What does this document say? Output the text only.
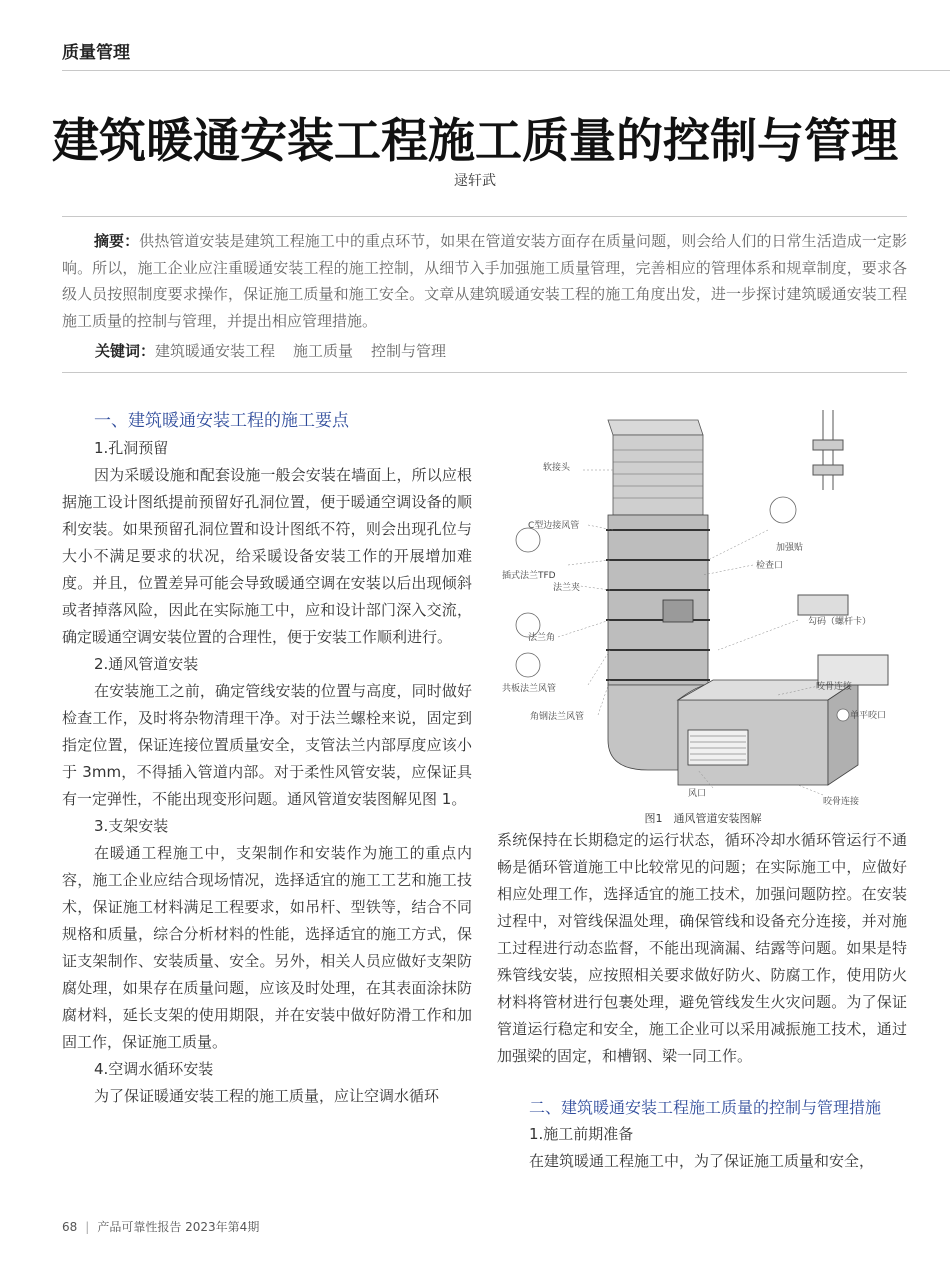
质量管理
建筑暖通安装工程施工质量的控制与管理
逯轩武
摘要：供热管道安装是建筑工程施工中的重点环节，如果在管道安装方面存在质量问题，则会给人们的日常生活造成一定影响。所以，施工企业应注重暖通安装工程的施工控制，从细节入手加强施工质量管理，完善相应的管理体系和规章制度，要求各级人员按照制度要求操作，保证施工质量和施工安全。文章从建筑暖通安装工程的施工角度出发，进一步探讨建筑暖通安装工程施工质量的控制与管理，并提出相应管理措施。
关键词：建筑暖通安装工程 施工质量 控制与管理
一、建筑暖通安装工程的施工要点
1.孔洞预留
因为采暖设施和配套设施一般会安装在墙面上，所以应根据施工设计图纸提前预留好孔洞位置，便于暖通空调设备的顺利安装。如果预留孔洞位置和设计图纸不符，则会出现孔位与大小不满足要求的状况，给采暖设备安装工作的开展增加难度。并且，位置差异可能会导致暖通空调在安装以后出现倾斜或者掉落风险，因此在实际施工中，应和设计部门深入交流，确定暖通空调安装位置的合理性，便于安装工作顺利进行。
2.通风管道安装
在安装施工之前，确定管线安装的位置与高度，同时做好检查工作，及时将杂物清理干净。对于法兰螺栓来说，固定到指定位置，保证连接位置质量安全，支管法兰内部厚度应该小于 3mm，不得插入管道内部。对于柔性风管安装，应保证具有一定弹性，不能出现变形问题。通风管道安装图解见图 1。
3.支架安装
在暖通工程施工中，支架制作和安装作为施工的重点内容，施工企业应结合现场情况，选择适宜的施工工艺和施工技术，保证施工材料满足工程要求，如吊杆、型铁等，结合不同规格和质量，综合分析材料的性能，选择适宜的施工方式，保证支架制作、安装质量、安全。另外，相关人员应做好支架防腐处理，如果存在质量问题，应该及时处理，在其表面涂抹防腐材料，延长支架的使用期限，并在安装中做好防滑工作和加固工作，保证施工质量。
4.空调水循环安装
为了保证暖通安装工程的施工质量，应让空调水循环
软接头
C型边接风管
插式法兰TFD
法兰夹
法兰角
共板法兰风管
角钢法兰风管
加强贴
检查口
勾码（螺杆卡）
咬骨连接
单平咬口
风口
咬骨连接
图1　通风管道安装图解
系统保持在长期稳定的运行状态，循环冷却水循环管运行不通畅是循环管道施工中比较常见的问题；在实际施工中，应做好相应处理工作，选择适宜的施工技术，加强问题防控。在安装过程中，对管线保温处理，确保管线和设备充分连接，并对施工过程进行动态监督，不能出现滴漏、结露等问题。如果是特殊管线安装，应按照相关要求做好防火、防腐工作，使用防火材料将管材进行包裹处理，避免管线发生火灾问题。为了保证管道运行稳定和安全，施工企业可以采用减振施工技术，通过加强梁的固定，和槽钢、梁一同工作。
二、建筑暖通安装工程施工质量的控制与管理措施
1.施工前期准备
在建筑暖通工程施工中，为了保证施工质量和安全，
68 | 产品可靠性报告 2023年第4期
